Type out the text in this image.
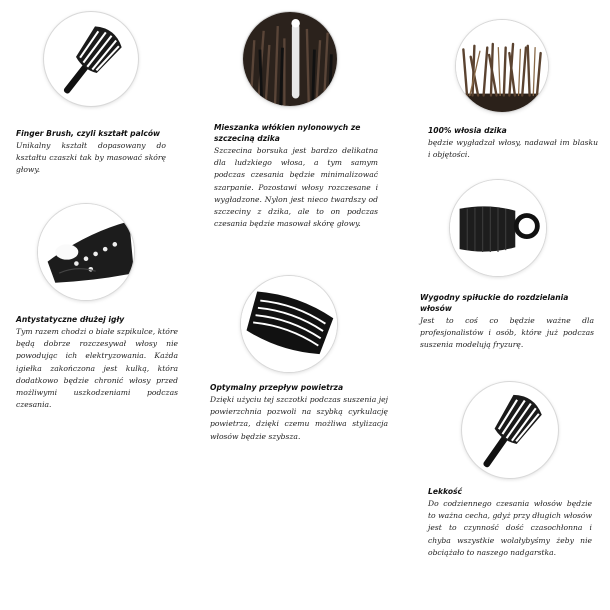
Finger Brush, czyli kształt palców
Unikalny kształt dopasowany do kształtu czaszki tak by masować skórę głowy.
Mieszanka włókien nylonowych ze szczeciną dzika
Szczecina borsuka jest bardzo delikatna dla ludzkiego włosa, a tym samym podczas czesania będzie minimalizować szarpanie. Pozostawi włosy rozczesane i wygładzone. Nylon jest nieco twardszy od szczeciny z dzika, ale to on podczas czesania będzie masował skórę głowy.
100% włosia dzika
będzie wygładzał włosy, nadawał im blasku i objętości.
Antystatyczne dłużej igły
Tym razem chodzi o białe szpikulce, które będą dobrze rozczesywał włosy nie powodując ich elektryzowania. Każda igiełka zakończona jest kulką, która dodatkowo będzie chronić włosy przed możliwymi uszkodzeniami podczas czesania.
Optymalny przepływ powietrza
Dzięki użyciu tej szczotki podczas suszenia jej powierzchnia pozwoli na szybką cyrkulację powietrza, dzięki czemu możliwa stylizacja włosów będzie szybsza.
Wygodny spiłuckie do rozdzielania włosów
Jest to coś co będzie ważne dla profesjonalistów i osób, które już podczas suszenia modelują fryzurę.
Lekkość
Do codziennego czesania włosów będzie to ważna cecha, gdyż przy długich włosów jest to czynność dość czasochłonna i chyba wszystkie wolałybyśmy żeby nie obciążało to naszego nadgarstka.
